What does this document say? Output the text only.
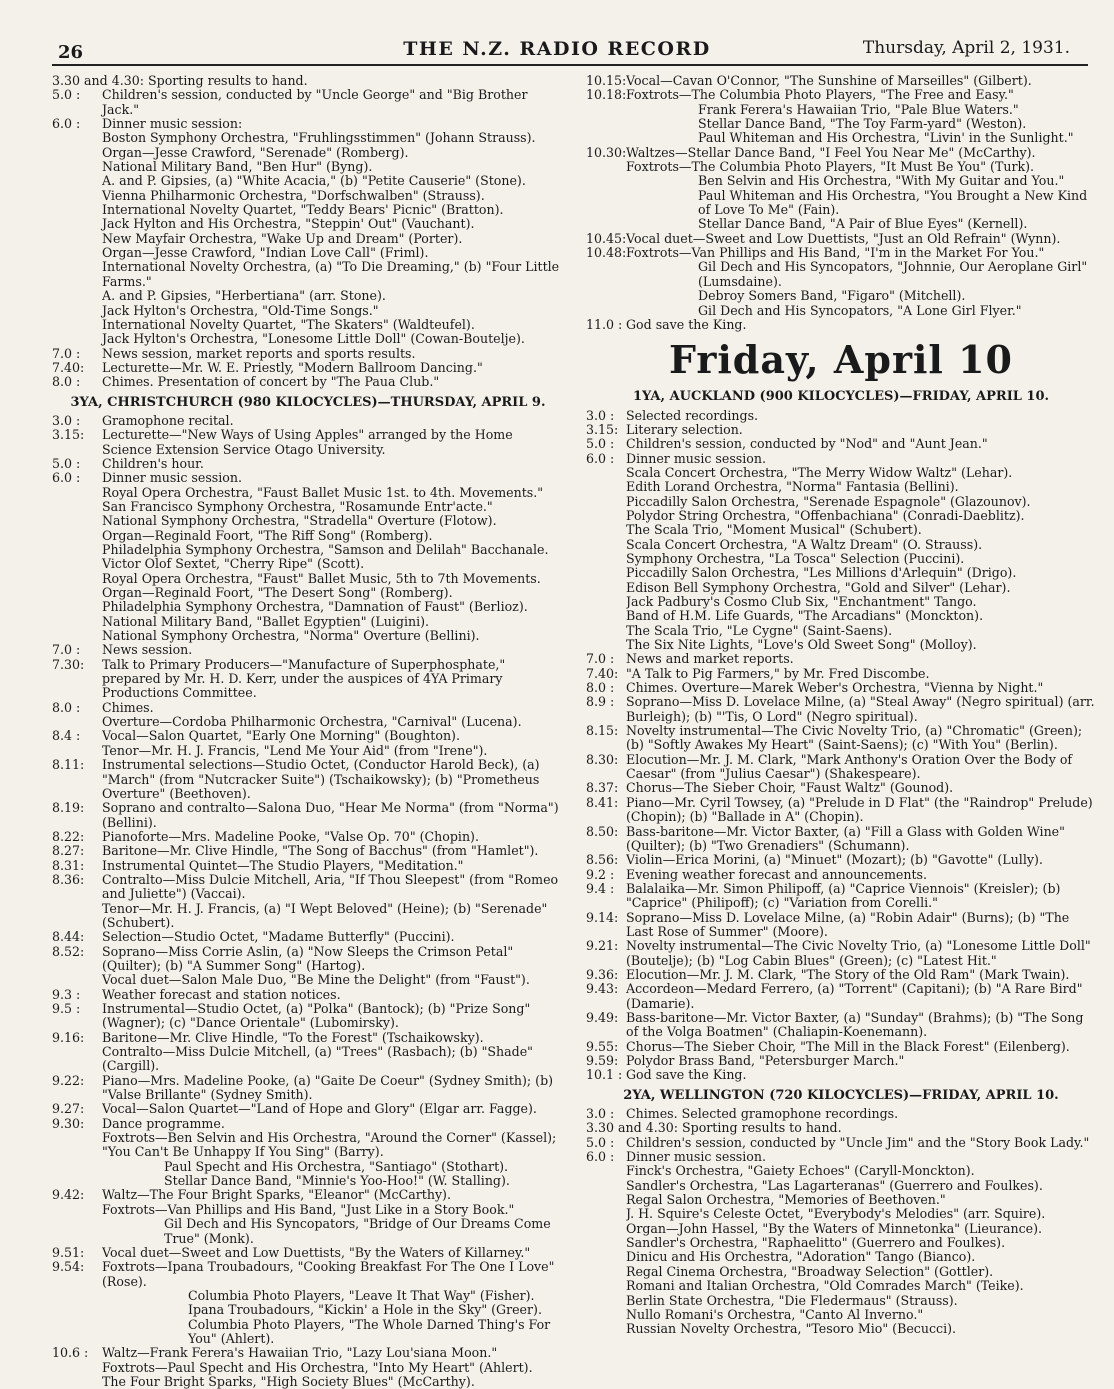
26	THE N.Z. RADIO RECORD	Thursday, April 2, 1931.
3.30 and 4.30: Sporting results to hand.
5.0 :	Children's session, conducted by "Uncle George" and "Big Brother Jack."
6.0 :	Dinner music session:
Boston Symphony Orchestra, "Fruhlingsstimmen" (Johann Strauss).
Organ—Jesse Crawford, "Serenade" (Romberg).
National Military Band, "Ben Hur" (Byng).
A. and P. Gipsies, (a) "White Acacia," (b) "Petite Causerie" (Stone).
Vienna Philharmonic Orchestra, "Dorfschwalben" (Strauss).
International Novelty Quartet, "Teddy Bears' Picnic" (Bratton).
Jack Hylton and His Orchestra, "Steppin' Out" (Vauchant).
New Mayfair Orchestra, "Wake Up and Dream" (Porter).
Organ—Jesse Crawford, "Indian Love Call" (Friml).
International Novelty Orchestra, (a) "To Die Dreaming," (b) "Four Little Farms."
A. and P. Gipsies, "Herbertiana" (arr. Stone).
Jack Hylton's Orchestra, "Old-Time Songs."
International Novelty Quartet, "The Skaters" (Waldteufel).
Jack Hylton's Orchestra, "Lonesome Little Doll" (Cowan-Boutelje).
7.0 :	News session, market reports and sports results.
7.40:	Lecturette—Mr. W. E. Priestly, "Modern Ballroom Dancing."
8.0 :	Chimes. Presentation of concert by "The Paua Club."
3YA, CHRISTCHURCH (980 KILOCYCLES)—THURSDAY, APRIL 9.
3.0 :	Gramophone recital.
3.15:	Lecturette—"New Ways of Using Apples" arranged by the Home Science Extension Service Otago University.
5.0 :	Children's hour.
6.0 :	Dinner music session.
Royal Opera Orchestra, "Faust Ballet Music 1st. to 4th. Movements."
San Francisco Symphony Orchestra, "Rosamunde Entr'acte."
National Symphony Orchestra, "Stradella" Overture (Flotow).
Organ—Reginald Foort, "The Riff Song" (Romberg).
Philadelphia Symphony Orchestra, "Samson and Delilah" Bacchanale.
Victor Olof Sextet, "Cherry Ripe" (Scott).
Royal Opera Orchestra, "Faust" Ballet Music, 5th to 7th Movements.
Organ—Reginald Foort, "The Desert Song" (Romberg).
Philadelphia Symphony Orchestra, "Damnation of Faust" (Berlioz).
National Military Band, "Ballet Egyptien" (Luigini).
National Symphony Orchestra, "Norma" Overture (Bellini).
7.0 :	News session.
7.30:	Talk to Primary Producers—"Manufacture of Superphosphate," prepared by Mr. H. D. Kerr, under the auspices of 4YA Primary Productions Committee.
8.0 :	Chimes.
Overture—Cordoba Philharmonic Orchestra, "Carnival" (Lucena).
8.4 :	Vocal—Salon Quartet, "Early One Morning" (Boughton).
Tenor—Mr. H. J. Francis, "Lend Me Your Aid" (from "Irene").
8.11:	Instrumental selections—Studio Octet, (Conductor Harold Beck), (a) "March" (from "Nutcracker Suite") (Tschaikowsky); (b) "Prometheus Overture" (Beethoven).
8.19:	Soprano and contralto—Salona Duo, "Hear Me Norma" (from "Norma") (Bellini).
8.22:	Pianoforte—Mrs. Madeline Pooke, "Valse Op. 70" (Chopin).
8.27:	Baritone—Mr. Clive Hindle, "The Song of Bacchus" (from "Hamlet").
8.31:	Instrumental Quintet—The Studio Players, "Meditation."
8.36:	Contralto—Miss Dulcie Mitchell, Aria, "If Thou Sleepest" (from "Romeo and Juliette") (Vaccai).
Tenor—Mr. H. J. Francis, (a) "I Wept Beloved" (Heine); (b) "Serenade" (Schubert).
8.44:	Selection—Studio Octet, "Madame Butterfly" (Puccini).
8.52:	Soprano—Miss Corrie Aslin, (a) "Now Sleeps the Crimson Petal" (Quilter); (b) "A Summer Song" (Hartog).
Vocal duet—Salon Male Duo, "Be Mine the Delight" (from "Faust").
9.3 :	Weather forecast and station notices.
9.5 :	Instrumental—Studio Octet, (a) "Polka" (Bantock); (b) "Prize Song" (Wagner); (c) "Dance Orientale" (Lubomirsky).
9.16:	Baritone—Mr. Clive Hindle, "To the Forest" (Tschaikowsky).
Contralto—Miss Dulcie Mitchell, (a) "Trees" (Rasbach); (b) "Shade" (Cargill).
9.22:	Piano—Mrs. Madeline Pooke, (a) "Gaite De Coeur" (Sydney Smith); (b) "Valse Brillante" (Sydney Smith).
9.27:	Vocal—Salon Quartet—"Land of Hope and Glory" (Elgar arr. Fagge).
9.30:	Dance programme.
Foxtrots—Ben Selvin and His Orchestra, "Around the Corner" (Kassel); "You Can't Be Unhappy If You Sing" (Barry).
Paul Specht and His Orchestra, "Santiago" (Stothart).
Stellar Dance Band, "Minnie's Yoo-Hoo!" (W. Stalling).
9.42:	Waltz—The Four Bright Sparks, "Eleanor" (McCarthy).
Foxtrots—Van Phillips and His Band, "Just Like in a Story Book."
Gil Dech and His Syncopators, "Bridge of Our Dreams Come True" (Monk).
9.51:	Vocal duet—Sweet and Low Duettists, "By the Waters of Killarney."
9.54:	Foxtrots—Ipana Troubadours, "Cooking Breakfast For The One I Love" (Rose).
Columbia Photo Players, "Leave It That Way" (Fisher).
Ipana Troubadours, "Kickin' a Hole in the Sky" (Greer).
Columbia Photo Players, "The Whole Darned Thing's For You" (Ahlert).
10.6 :	Waltz—Frank Ferera's Hawaiian Trio, "Lazy Lou'siana Moon."
Foxtrots—Paul Specht and His Orchestra, "Into My Heart" (Ahlert).
The Four Bright Sparks, "High Society Blues" (McCarthy).
10.15: Vocal—Cavan O'Connor, "The Sunshine of Marseilles" (Gilbert).
10.18: Foxtrots—The Columbia Photo Players, "The Free and Easy."
Frank Ferera's Hawaiian Trio, "Pale Blue Waters."
Stellar Dance Band, "The Toy Farm-yard" (Weston).
Paul Whiteman and His Orchestra, "Livin' in the Sunlight."
10.30: Waltzes—Stellar Dance Band, "I Feel You Near Me" (McCarthy).
Foxtrots—The Columbia Photo Players, "It Must Be You" (Turk).
Ben Selvin and His Orchestra, "With My Guitar and You."
Paul Whiteman and His Orchestra, "You Brought a New Kind of Love To Me" (Fain).
Stellar Dance Band, "A Pair of Blue Eyes" (Kernell).
10.45: Vocal duet—Sweet and Low Duettists, "Just an Old Refrain" (Wynn).
10.48: Foxtrots—Van Phillips and His Band, "I'm in the Market For You."
Gil Dech and His Syncopators, "Johnnie, Our Aeroplane Girl" (Lumsdaine).
Debroy Somers Band, "Figaro" (Mitchell).
Gil Dech and His Syncopators, "A Lone Girl Flyer."
11.0 : God save the King.
Friday, April 10
1YA, AUCKLAND (900 KILOCYCLES)—FRIDAY, APRIL 10.
3.0 : Selected recordings.
3.15: Literary selection.
5.0 : Children's session, conducted by "Nod" and "Aunt Jean."
6.0 : Dinner music session.
Scala Concert Orchestra, "The Merry Widow Waltz" (Lehar).
Edith Lorand Orchestra, "Norma" Fantasia (Bellini).
Piccadilly Salon Orchestra, "Serenade Espagnole" (Glazounov).
Polydor String Orchestra, "Offenbachiana" (Conradi-Daeblitz).
The Scala Trio, "Moment Musical" (Schubert).
Scala Concert Orchestra, "A Waltz Dream" (O. Strauss).
Symphony Orchestra, "La Tosca" Selection (Puccini).
Piccadilly Salon Orchestra, "Les Millions d'Arlequin" (Drigo).
Edison Bell Symphony Orchestra, "Gold and Silver" (Lehar).
Jack Padbury's Cosmo Club Six, "Enchantment" Tango.
Band of H.M. Life Guards, "The Arcadians" (Monckton).
The Scala Trio, "Le Cygne" (Saint-Saens).
The Six Nite Lights, "Love's Old Sweet Song" (Molloy).
7.0 : News and market reports.
7.40: "A Talk to Pig Farmers," by Mr. Fred Discombe.
8.0 : Chimes. Overture—Marek Weber's Orchestra, "Vienna by Night."
8.9 : Soprano—Miss D. Lovelace Milne, (a) "Steal Away" (Negro spiritual) (arr. Burleigh); (b) "'Tis, O Lord" (Negro spiritual).
8.15: Novelty instrumental—The Civic Novelty Trio, (a) "Chromatic" (Green); (b) "Softly Awakes My Heart" (Saint-Saens); (c) "With You" (Berlin).
8.30: Elocution—Mr. J. M. Clark, "Mark Anthony's Oration Over the Body of Caesar" (from "Julius Caesar") (Shakespeare).
8.37: Chorus—The Sieber Choir, "Faust Waltz" (Gounod).
8.41: Piano—Mr. Cyril Towsey, (a) "Prelude in D Flat" (the "Raindrop" Prelude) (Chopin); (b) "Ballade in A" (Chopin).
8.50: Bass-baritone—Mr. Victor Baxter, (a) "Fill a Glass with Golden Wine" (Quilter); (b) "Two Grenadiers" (Schumann).
8.56: Violin—Erica Morini, (a) "Minuet" (Mozart); (b) "Gavotte" (Lully).
9.2 : Evening weather forecast and announcements.
9.4 : Balalaika—Mr. Simon Philipoff, (a) "Caprice Viennois" (Kreisler); (b) "Caprice" (Philipoff); (c) "Variation from Corelli."
9.14: Soprano—Miss D. Lovelace Milne, (a) "Robin Adair" (Burns); (b) "The Last Rose of Summer" (Moore).
9.21: Novelty instrumental—The Civic Novelty Trio, (a) "Lonesome Little Doll" (Boutelje); (b) "Log Cabin Blues" (Green); (c) "Latest Hit."
9.36: Elocution—Mr. J. M. Clark, "The Story of the Old Ram" (Mark Twain).
9.43: Accordeon—Medard Ferrero, (a) "Torrent" (Capitani); (b) "A Rare Bird" (Damarie).
9.49: Bass-baritone—Mr. Victor Baxter, (a) "Sunday" (Brahms); (b) "The Song of the Volga Boatmen" (Chaliapin-Koenemann).
9.55: Chorus—The Sieber Choir, "The Mill in the Black Forest" (Eilenberg).
9.59: Polydor Brass Band, "Petersburger March."
10.1 : God save the King.
2YA, WELLINGTON (720 KILOCYCLES)—FRIDAY, APRIL 10.
3.0 : Chimes. Selected gramophone recordings.
3.30 and 4.30: Sporting results to hand.
5.0 : Children's session, conducted by "Uncle Jim" and the "Story Book Lady."
6.0 : Dinner music session.
Finck's Orchestra, "Gaiety Echoes" (Caryll-Monckton).
Sandler's Orchestra, "Las Lagarteranas" (Guerrero and Foulkes).
Regal Salon Orchestra, "Memories of Beethoven."
J. H. Squire's Celeste Octet, "Everybody's Melodies" (arr. Squire).
Organ—John Hassel, "By the Waters of Minnetonka" (Lieurance).
Sandler's Orchestra, "Raphaelitto" (Guerrero and Foulkes).
Dinicu and His Orchestra, "Adoration" Tango (Bianco).
Regal Cinema Orchestra, "Broadway Selection" (Gottler).
Romani and Italian Orchestra, "Old Comrades March" (Teike).
Berlin State Orchestra, "Die Fledermaus" (Strauss).
Nullo Romani's Orchestra, "Canto Al Inverno."
Russian Novelty Orchestra, "Tesoro Mio" (Becucci).
